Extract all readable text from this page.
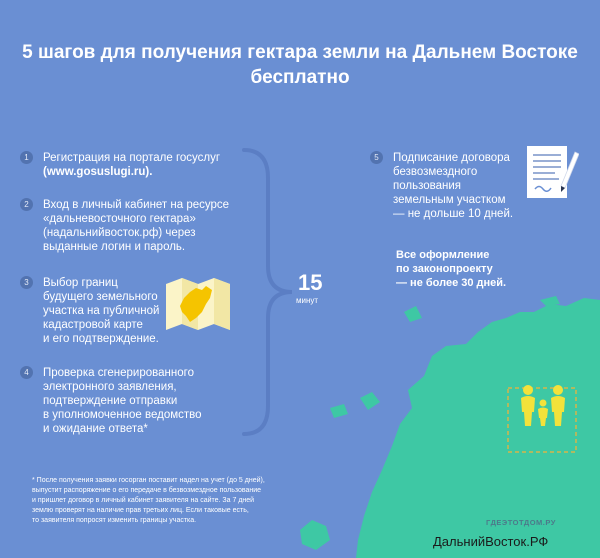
5 шагов для получения гектара земли на Дальнем Востоке
бесплатно
1	Регистрация на портале госуслуг
(www.gosuslugi.ru).
2	Вход в личный кабинет на ресурсе
«дальневосточного гектара»
(надальнийвосток.рф) через
выданные логин и пароль.
3	Выбор границ
будущего земельного
участка на публичной
кадастровой карте
и его подтверждение.
4	Проверка сгенерированного
электронного заявления,
подтверждение отправки
в уполномоченное ведомство
и ожидание ответа*
15
минут
5	Подписание договора
безвозмездного
пользования
земельным участком
— не дольше 10 дней.
Все оформление
по законопроекту
— не более 30 дней.
* После получения заявки госорган поставит надел на учет (до 5 дней),
выпустит распоряжение о его передаче в безвозмездное пользование
и пришлет договор в личный кабинет заявителя на сайте. За 7 дней
землю проверят на наличие прав третьих лиц. Если таковые есть,
то заявителя попросят изменить границы участка.	ГДЕЭТОТДОМ.РУ
ДальнийВосток.РФ
